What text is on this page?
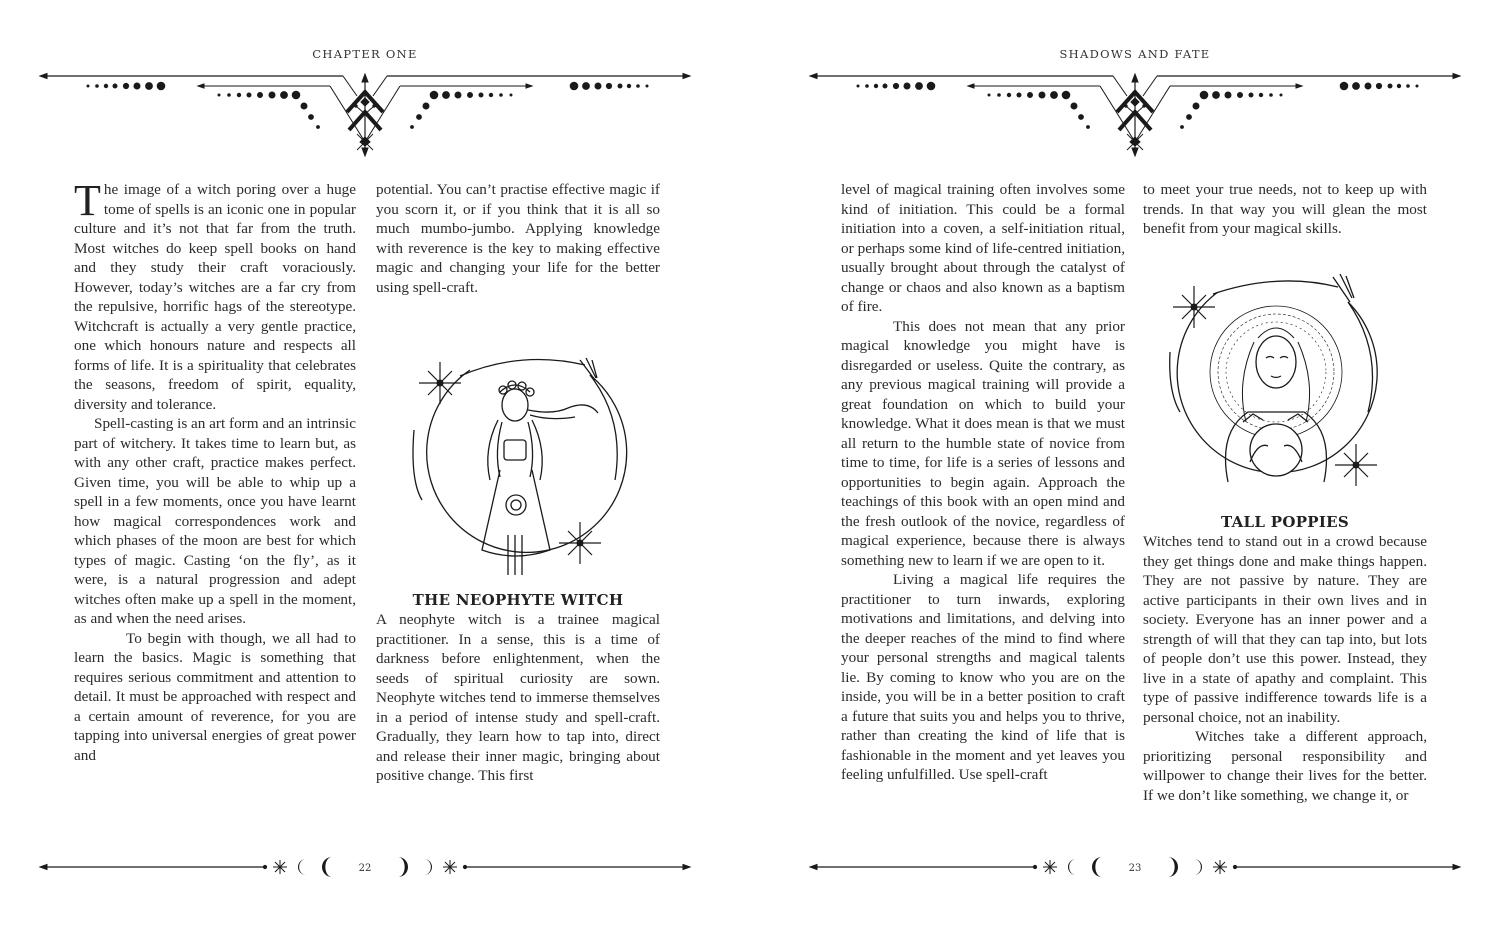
CHAPTER ONE

The image of a witch poring over a huge tome of spells is an iconic one in popular culture and it’s not that far from the truth. Most witches do keep spell books on hand and they study their craft voraciously. However, today’s witches are a far cry from the repulsive, horrific hags of the stereotype. Witchcraft is actually a very gentle practice, one which honours nature and respects all forms of life. It is a spirituality that celebrates the seasons, freedom of spirit, equality, diversity and tolerance.

Spell-casting is an art form and an intrinsic part of witchery. It takes time to learn but, as with any other craft, practice makes perfect. Given time, you will be able to whip up a spell in a few moments, once you have learnt how magical correspondences work and which phases of the moon are best for which types of magic. Casting ‘on the fly’, as it were, is a natural progression and adept witches often make up a spell in the moment, as and when the need arises.

To begin with though, we all had to learn the basics. Magic is something that requires serious commitment and attention to detail. It must be approached with respect and a certain amount of reverence, for you are tapping into universal energies of great power and

potential. You can’t practise effective magic if you scorn it, or if you think that it is all so much mumbo-jumbo. Applying knowledge with reverence is the key to making effective magic and changing your life for the better using spell-craft.

THE NEOPHYTE WITCH

A neophyte witch is a trainee magical practitioner. In a sense, this is a time of darkness before enlightenment, when the seeds of spiritual curiosity are sown. Neophyte witches tend to immerse themselves in a period of intense study and spell-craft. Gradually, they learn how to tap into, direct and release their inner magic, bringing about positive change. This first

22
SHADOWS AND FATE

level of magical training often involves some kind of initiation. This could be a formal initiation into a coven, a self-initiation ritual, or perhaps some kind of life-centred initiation, usually brought about through the catalyst of change or chaos and also known as a baptism of fire.

This does not mean that any prior magical knowledge you might have is disregarded or useless. Quite the contrary, as any previous magical training will provide a great foundation on which to build your knowledge. What it does mean is that we must all return to the humble state of novice from time to time, for life is a series of lessons and opportunities to begin again. Approach the teachings of this book with an open mind and the fresh outlook of the novice, regardless of magical experience, because there is always something new to learn if we are open to it.

Living a magical life requires the practitioner to turn inwards, exploring motivations and limitations, and delving into the deeper reaches of the mind to find where your personal strengths and magical talents lie. By coming to know who you are on the inside, you will be in a better position to craft a future that suits you and helps you to thrive, rather than creating the kind of life that is fashionable in the moment and yet leaves you feeling unfulfilled. Use spell-craft

to meet your true needs, not to keep up with trends. In that way you will glean the most benefit from your magical skills.

TALL POPPIES

Witches tend to stand out in a crowd because they get things done and make things happen. They are not passive by nature. They are active participants in their own lives and in society. Everyone has an inner power and a strength of will that they can tap into, but lots of people don’t use this power. Instead, they live in a state of apathy and complaint. This type of passive indifference towards life is a personal choice, not an inability.

Witches take a different approach, prioritizing personal responsibility and willpower to change their lives for the better. If we don’t like something, we change it, or

23
